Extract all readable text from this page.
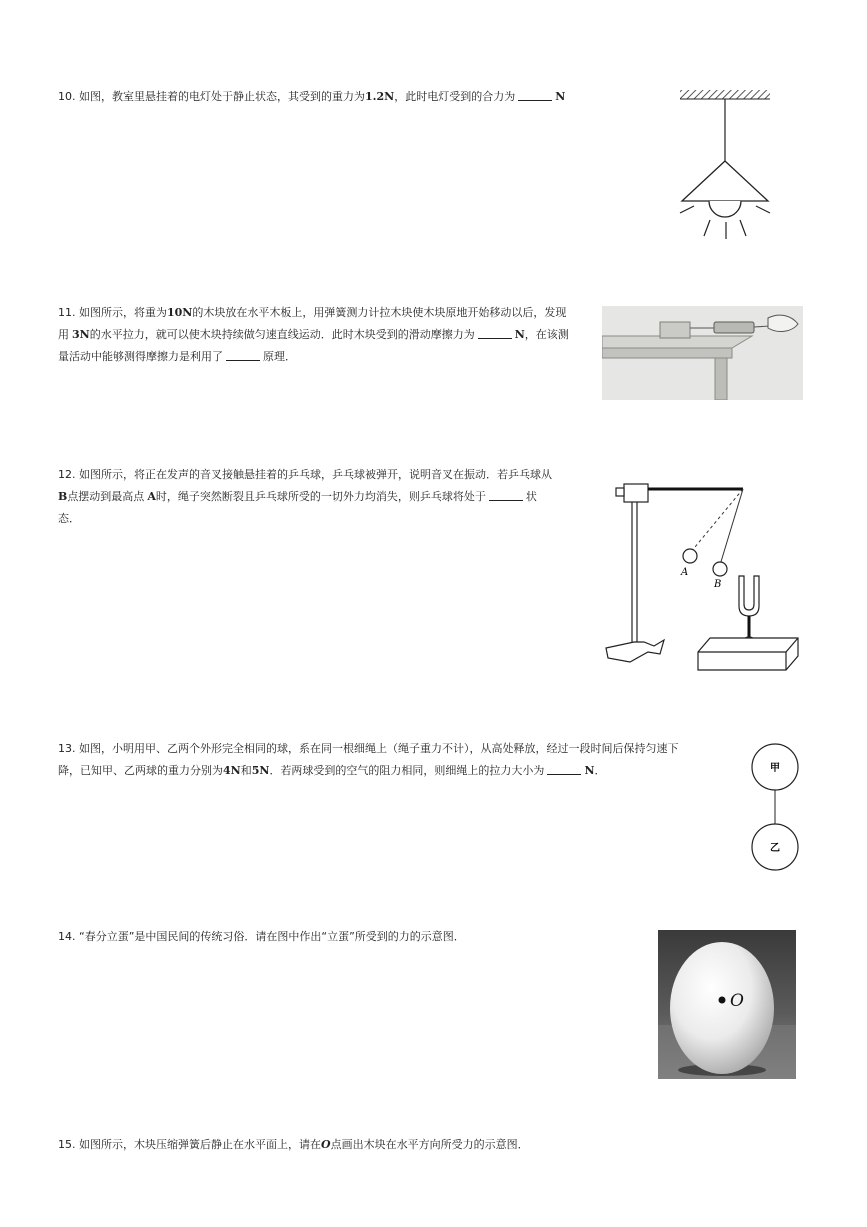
10. 如图，教室里悬挂着的电灯处于静止状态，其受到的重力为1.2N，此时电灯受到的合力为	N
11. 如图所示，将重为10N的木块放在水平木板上，用弹簧测力计拉木块使木块原地开始移动以后，发现
用 3N的水平拉力，就可以使木块持续做匀速直线运动．此时木块受到的滑动摩擦力为	N，在该测
量活动中能够测得摩擦力是利用了	原理．
12. 如图所示，将正在发声的音叉接触悬挂着的乒乓球，乒乓球被弹开，说明音叉在振动．若乒乓球从
B点摆动到最高点 A时，绳子突然断裂且乒乓球所受的一切外力均消失，则乒乓球将处于	状
态．
A
B
13. 如图，小明用甲、乙两个外形完全相同的球，系在同一根细绳上（绳子重力不计），从高处释放，经过一段时间后保持匀速下
降，已知甲、乙两球的重力分别为4N和5N．若两球受到的空气的阻力相同，则细绳上的拉力大小为	N．	甲
乙
14. “春分立蛋”是中国民间的传统习俗．请在图中作出“立蛋”所受到的力的示意图．
O
15. 如图所示，木块压缩弹簧后静止在水平面上，请在O点画出木块在水平方向所受力的示意图．
